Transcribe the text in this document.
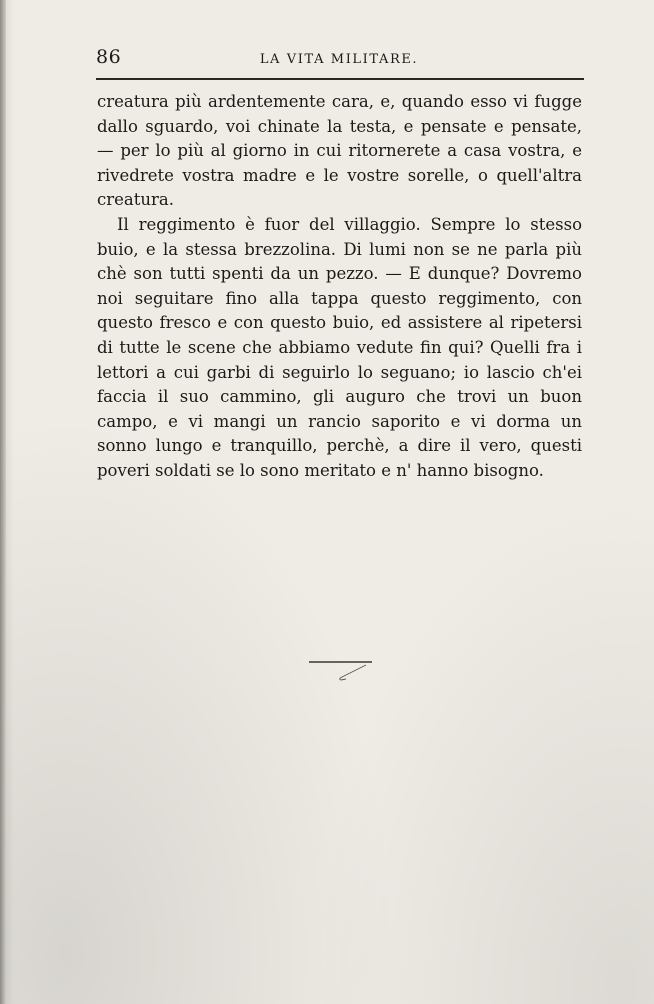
86	LA VITA MILITARE.

creatura più ardentemente cara, e, quando esso vi fugge dallo sguardo, voi chinate la testa, e pensate e pensate, — per lo più al giorno in cui ritornerete a casa vostra, e rivedrete vostra madre e le vostre sorelle, o quell'altra creatura.

Il reggimento è fuor del villaggio. Sempre lo stesso buio, e la stessa brezzolina. Di lumi non se ne parla più chè son tutti spenti da un pezzo. — E dunque? Dovremo noi seguitare fino alla tappa questo reggimento, con questo fresco e con questo buio, ed assistere al ripetersi di tutte le scene che abbiamo vedute fin qui? Quelli fra i lettori a cui garbi di seguirlo lo seguano; io lascio ch'ei faccia il suo cammino, gli auguro che trovi un buon campo, e vi mangi un rancio saporito e vi dorma un sonno lungo e tranquillo, perchè, a dire il vero, questi poveri soldati se lo sono meritato e n' hanno bisogno.
